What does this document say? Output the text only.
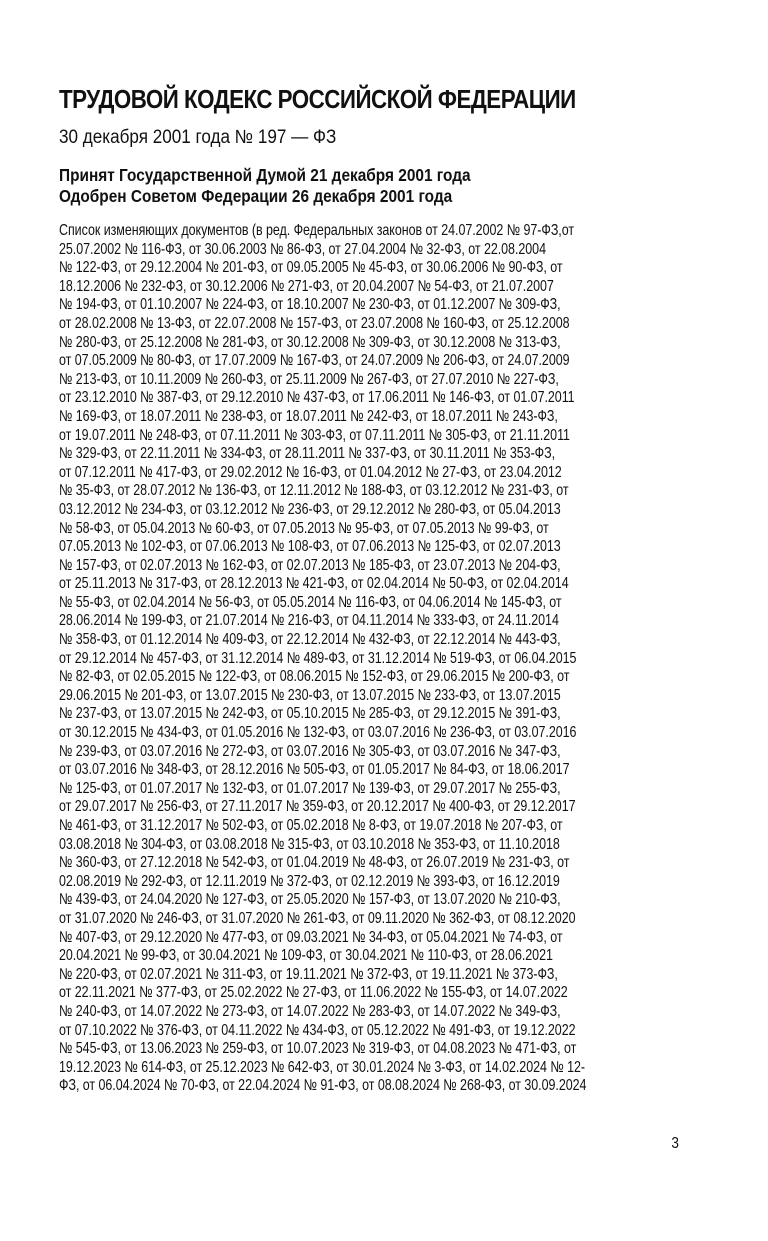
ТРУДОВОЙ КОДЕКС РОССИЙСКОЙ ФЕДЕРАЦИИ
30 декабря 2001 года № 197 — ФЗ
Принят Государственной Думой 21 декабря 2001 года
Одобрен Советом Федерации 26 декабря 2001 года
Список изменяющих документов (в ред. Федеральных законов от 24.07.2002 № 97-ФЗ,от
25.07.2002 № 116-ФЗ, от 30.06.2003 № 86-ФЗ, от 27.04.2004 № 32-ФЗ, от 22.08.2004
№ 122-ФЗ, от 29.12.2004 № 201-ФЗ, от 09.05.2005 № 45-ФЗ, от 30.06.2006 № 90-ФЗ, от
18.12.2006 № 232-ФЗ, от 30.12.2006 № 271-ФЗ, от 20.04.2007 № 54-ФЗ, от 21.07.2007
№ 194-ФЗ, от 01.10.2007 № 224-ФЗ, от 18.10.2007 № 230-ФЗ, от 01.12.2007 № 309-ФЗ,
от 28.02.2008 № 13-ФЗ, от 22.07.2008 № 157-ФЗ, от 23.07.2008 № 160-ФЗ, от 25.12.2008
№ 280-ФЗ, от 25.12.2008 № 281-ФЗ, от 30.12.2008 № 309-ФЗ, от 30.12.2008 № 313-ФЗ,
от 07.05.2009 № 80-ФЗ, от 17.07.2009 № 167-ФЗ, от 24.07.2009 № 206-ФЗ, от 24.07.2009
№ 213-ФЗ, от 10.11.2009 № 260-ФЗ, от 25.11.2009 № 267-ФЗ, от 27.07.2010 № 227-ФЗ,
от 23.12.2010 № 387-ФЗ, от 29.12.2010 № 437-ФЗ, от 17.06.2011 № 146-ФЗ, от 01.07.2011
№ 169-ФЗ, от 18.07.2011 № 238-ФЗ, от 18.07.2011 № 242-ФЗ, от 18.07.2011 № 243-ФЗ,
от 19.07.2011 № 248-ФЗ, от 07.11.2011 № 303-ФЗ, от 07.11.2011 № 305-ФЗ, от 21.11.2011
№ 329-ФЗ, от 22.11.2011 № 334-ФЗ, от 28.11.2011 № 337-ФЗ, от 30.11.2011 № 353-ФЗ,
от 07.12.2011 № 417-ФЗ, от 29.02.2012 № 16-ФЗ, от 01.04.2012 № 27-ФЗ, от 23.04.2012
№ 35-ФЗ, от 28.07.2012 № 136-ФЗ, от 12.11.2012 № 188-ФЗ, от 03.12.2012 № 231-ФЗ, от
03.12.2012 № 234-ФЗ, от 03.12.2012 № 236-ФЗ, от 29.12.2012 № 280-ФЗ, от 05.04.2013
№ 58-ФЗ, от 05.04.2013 № 60-ФЗ, от 07.05.2013 № 95-ФЗ, от 07.05.2013 № 99-ФЗ, от
07.05.2013 № 102-ФЗ, от 07.06.2013 № 108-ФЗ, от 07.06.2013 № 125-ФЗ, от 02.07.2013
№ 157-ФЗ, от 02.07.2013 № 162-ФЗ, от 02.07.2013 № 185-ФЗ, от 23.07.2013 № 204-ФЗ,
от 25.11.2013 № 317-ФЗ, от 28.12.2013 № 421-ФЗ, от 02.04.2014 № 50-ФЗ, от 02.04.2014
№ 55-ФЗ, от 02.04.2014 № 56-ФЗ, от 05.05.2014 № 116-ФЗ, от 04.06.2014 № 145-ФЗ, от
28.06.2014 № 199-ФЗ, от 21.07.2014 № 216-ФЗ, от 04.11.2014 № 333-ФЗ, от 24.11.2014
№ 358-ФЗ, от 01.12.2014 № 409-ФЗ, от 22.12.2014 № 432-ФЗ, от 22.12.2014 № 443-ФЗ,
от 29.12.2014 № 457-ФЗ, от 31.12.2014 № 489-ФЗ, от 31.12.2014 № 519-ФЗ, от 06.04.2015
№ 82-ФЗ, от 02.05.2015 № 122-ФЗ, от 08.06.2015 № 152-ФЗ, от 29.06.2015 № 200-ФЗ, от
29.06.2015 № 201-ФЗ, от 13.07.2015 № 230-ФЗ, от 13.07.2015 № 233-ФЗ, от 13.07.2015
№ 237-ФЗ, от 13.07.2015 № 242-ФЗ, от 05.10.2015 № 285-ФЗ, от 29.12.2015 № 391-ФЗ,
от 30.12.2015 № 434-ФЗ, от 01.05.2016 № 132-ФЗ, от 03.07.2016 № 236-ФЗ, от 03.07.2016
№ 239-ФЗ, от 03.07.2016 № 272-ФЗ, от 03.07.2016 № 305-ФЗ, от 03.07.2016 № 347-ФЗ,
от 03.07.2016 № 348-ФЗ, от 28.12.2016 № 505-ФЗ, от 01.05.2017 № 84-ФЗ, от 18.06.2017
№ 125-ФЗ, от 01.07.2017 № 132-ФЗ, от 01.07.2017 № 139-ФЗ, от 29.07.2017 № 255-ФЗ,
от 29.07.2017 № 256-ФЗ, от 27.11.2017 № 359-ФЗ, от 20.12.2017 № 400-ФЗ, от 29.12.2017
№ 461-ФЗ, от 31.12.2017 № 502-ФЗ, от 05.02.2018 № 8-ФЗ, от 19.07.2018 № 207-ФЗ, от
03.08.2018 № 304-ФЗ, от 03.08.2018 № 315-ФЗ, от 03.10.2018 № 353-ФЗ, от 11.10.2018
№ 360-ФЗ, от 27.12.2018 № 542-ФЗ, от 01.04.2019 № 48-ФЗ, от 26.07.2019 № 231-ФЗ, от
02.08.2019 № 292-ФЗ, от 12.11.2019 № 372-ФЗ, от 02.12.2019 № 393-ФЗ, от 16.12.2019
№ 439-ФЗ, от 24.04.2020 № 127-ФЗ, от 25.05.2020 № 157-ФЗ, от 13.07.2020 № 210-ФЗ,
от 31.07.2020 № 246-ФЗ, от 31.07.2020 № 261-ФЗ, от 09.11.2020 № 362-ФЗ, от 08.12.2020
№ 407-ФЗ, от 29.12.2020 № 477-ФЗ, от 09.03.2021 № 34-ФЗ, от 05.04.2021 № 74-ФЗ, от
20.04.2021 № 99-ФЗ, от 30.04.2021 № 109-ФЗ, от 30.04.2021 № 110-ФЗ, от 28.06.2021
№ 220-ФЗ, от 02.07.2021 № 311-ФЗ, от 19.11.2021 № 372-ФЗ, от 19.11.2021 № 373-ФЗ,
от 22.11.2021 № 377-ФЗ, от 25.02.2022 № 27-ФЗ, от 11.06.2022 № 155-ФЗ, от 14.07.2022
№ 240-ФЗ, от 14.07.2022 № 273-ФЗ, от 14.07.2022 № 283-ФЗ, от 14.07.2022 № 349-ФЗ,
от 07.10.2022 № 376-ФЗ, от 04.11.2022 № 434-ФЗ, от 05.12.2022 № 491-ФЗ, от 19.12.2022
№ 545-ФЗ, от 13.06.2023 № 259-ФЗ, от 10.07.2023 № 319-ФЗ, от 04.08.2023 № 471-ФЗ, от
19.12.2023 № 614-ФЗ, от 25.12.2023 № 642-ФЗ, от 30.01.2024 № 3-ФЗ, от 14.02.2024 № 12-
ФЗ, от 06.04.2024 № 70-ФЗ, от 22.04.2024 № 91-ФЗ, от 08.08.2024 № 268-ФЗ, от 30.09.2024
3
